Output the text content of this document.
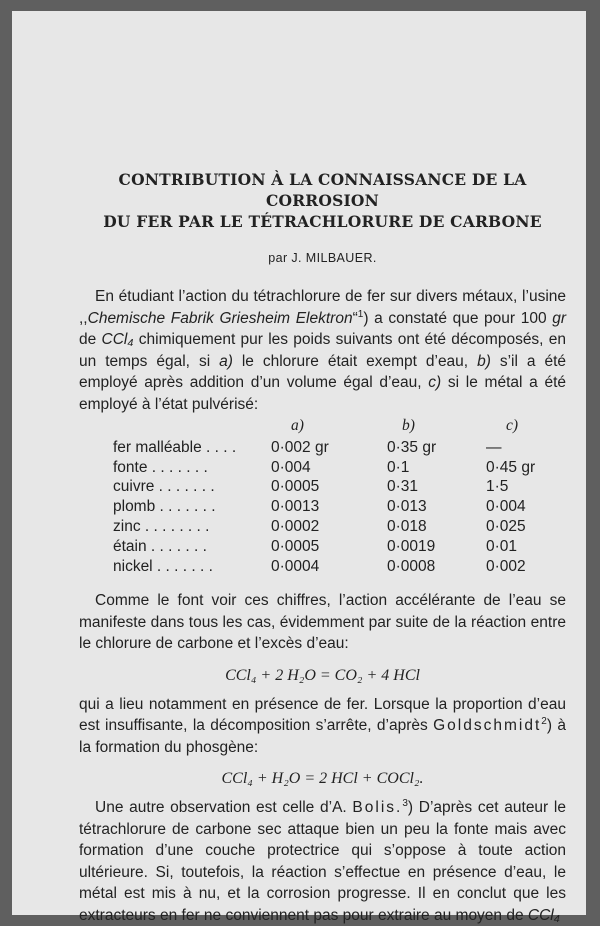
CONTRIBUTION À LA CONNAISSANCE DE LA CORROSION
DU FER PAR LE TÉTRACHLORURE DE CARBONE
par J. MILBAUER.

En étudiant l’action du tétrachlorure de fer sur divers métaux, l’usine ,,Chemische Fabrik Griesheim Elektron“$^1$) a constaté que pour 100 gr de CCl₄ chimiquement pur les poids suivants ont été décomposés, en un temps égal, si a) le chlorure était exempt d’eau, b) s’il a été employé après addition d’un volume égal d’eau, c) si le métal a été employé à l’état pulvérisé:

	a)	b)	c)
fer malléable . . . .	0·002 gr	0·35 gr	—
fonte . . . . . . .	0·004	0·1	0·45 gr
cuivre . . . . . . .	0·0005	0·31	1·5
plomb . . . . . . .	0·0013	0·013	0·004
zinc . . . . . . . .	0·0002	0·018	0·025
étain . . . . . . .	0·0005	0·0019	0·01
nickel . . . . . . .	0·0004	0·0008	0·002

Comme le font voir ces chiffres, l’action accélérante de l’eau se manifeste dans tous les cas, évidemment par suite de la réaction entre le chlorure de carbone et l’excès d’eau:

CCl₄ + 2 H₂O = CO₂ + 4 HCl

qui a lieu notamment en présence de fer. Lorsque la proportion d’eau est insuffisante, la décomposition s’arrête, d’après Goldschmidt$^2$) à la formation du phosgène:

CCl₄ + H₂O = 2 HCl + COCl₂.

Une autre observation est celle d’A. Bolis.$^3$) D’après cet auteur le tétrachlorure de carbone sec attaque bien un peu la fonte mais avec formation d’une couche protectrice qui s’oppose à toute action ultérieure. Si, toutefois, la réaction s’effectue en présence d’eau, le métal est mis à nu, et la corrosion progresse. Il en conclut que les extracteurs en fer ne conviennent pas pour extraire au moyen de CCl₄
